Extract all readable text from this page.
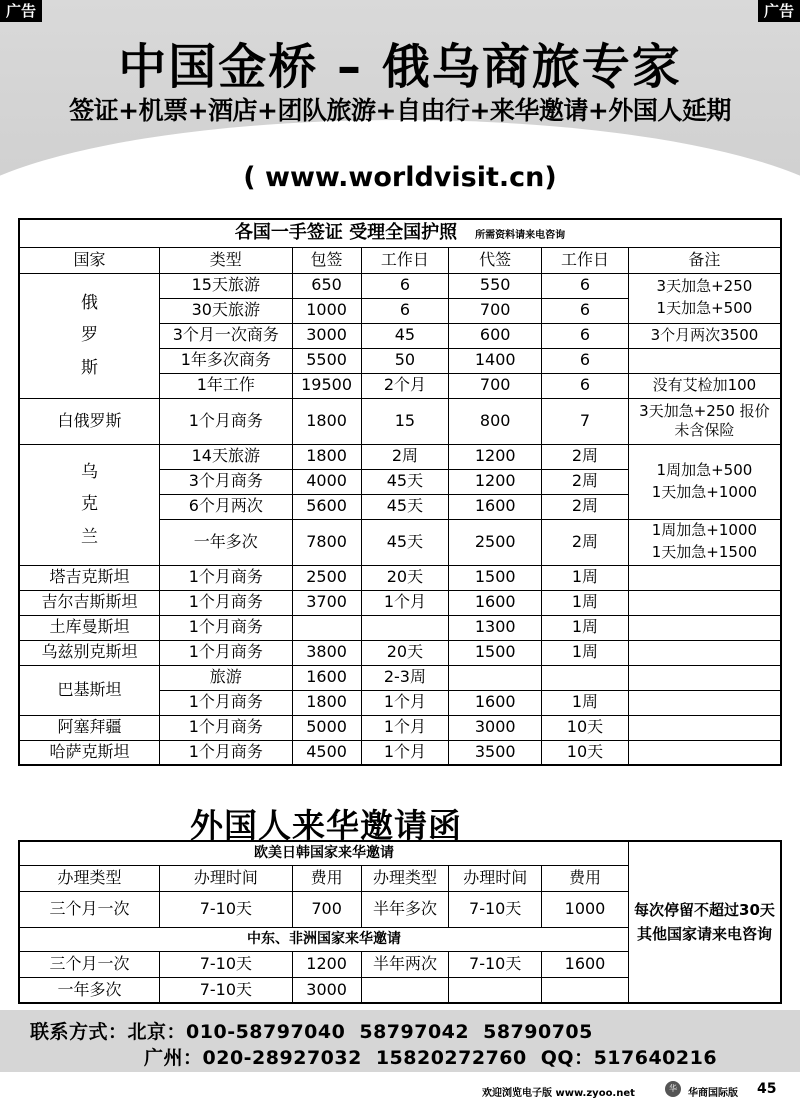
广告	广告
中国金桥 – 俄乌商旅专家
签证+机票+酒店+团队旅游+自由行+来华邀请+外国人延期
( www.worldvisit.cn)
各国一手签证 受理全国护照 所需资料请来电咨询						
国家	类型	包签	工作日	代签	工作日	备注
俄
罗
斯	15天旅游	650	6	550	6	3天加急+250
1天加急+500
	30天旅游	1000	6	700	6	
	3个月一次商务	3000	45	600	6	3个月两次3500
	1年多次商务	5500	50	1400	6	
	1年工作	19500	2个月	700	6	没有艾检加100
白俄罗斯	1个月商务	1800	15	800	7	3天加急+250 报价
未含保险
乌
克
兰	14天旅游	1800	2周	1200	2周	1周加急+500
1天加急+1000
	3个月商务	4000	45天	1200	2周	
	6个月两次	5600	45天	1600	2周	
	一年多次	7800	45天	2500	2周	1周加急+1000
1天加急+1500
塔吉克斯坦	1个月商务	2500	20天	1500	1周	
吉尔吉斯斯坦	1个月商务	3700	1个月	1600	1周	
土库曼斯坦	1个月商务			1300	1周	
乌兹别克斯坦	1个月商务	3800	20天	1500	1周	
巴基斯坦	旅游	1600	2-3周			
	1个月商务	1800	1个月	1600	1周	
阿塞拜疆	1个月商务	5000	1个月	3000	10天	
哈萨克斯坦	1个月商务	4500	1个月	3500	10天	
外国人来华邀请函
欧美日韩国家来华邀请						每次停留不超过30天
其他国家请来电咨询
办理类型	办理时间	费用	办理类型	办理时间	费用	
三个月一次	7-10天	700	半年多次	7-10天	1000	
中东、非洲国家来华邀请						
三个月一次	7-10天	1200	半年两次	7-10天	1600	
一年多次	7-10天	3000				
联系方式：北京：010-58797040 58797042 58790705
广州：020-28927032 15820272760 QQ：517640216
欢迎浏览电子版 www.zyoo.net	华	华商国际版 45
